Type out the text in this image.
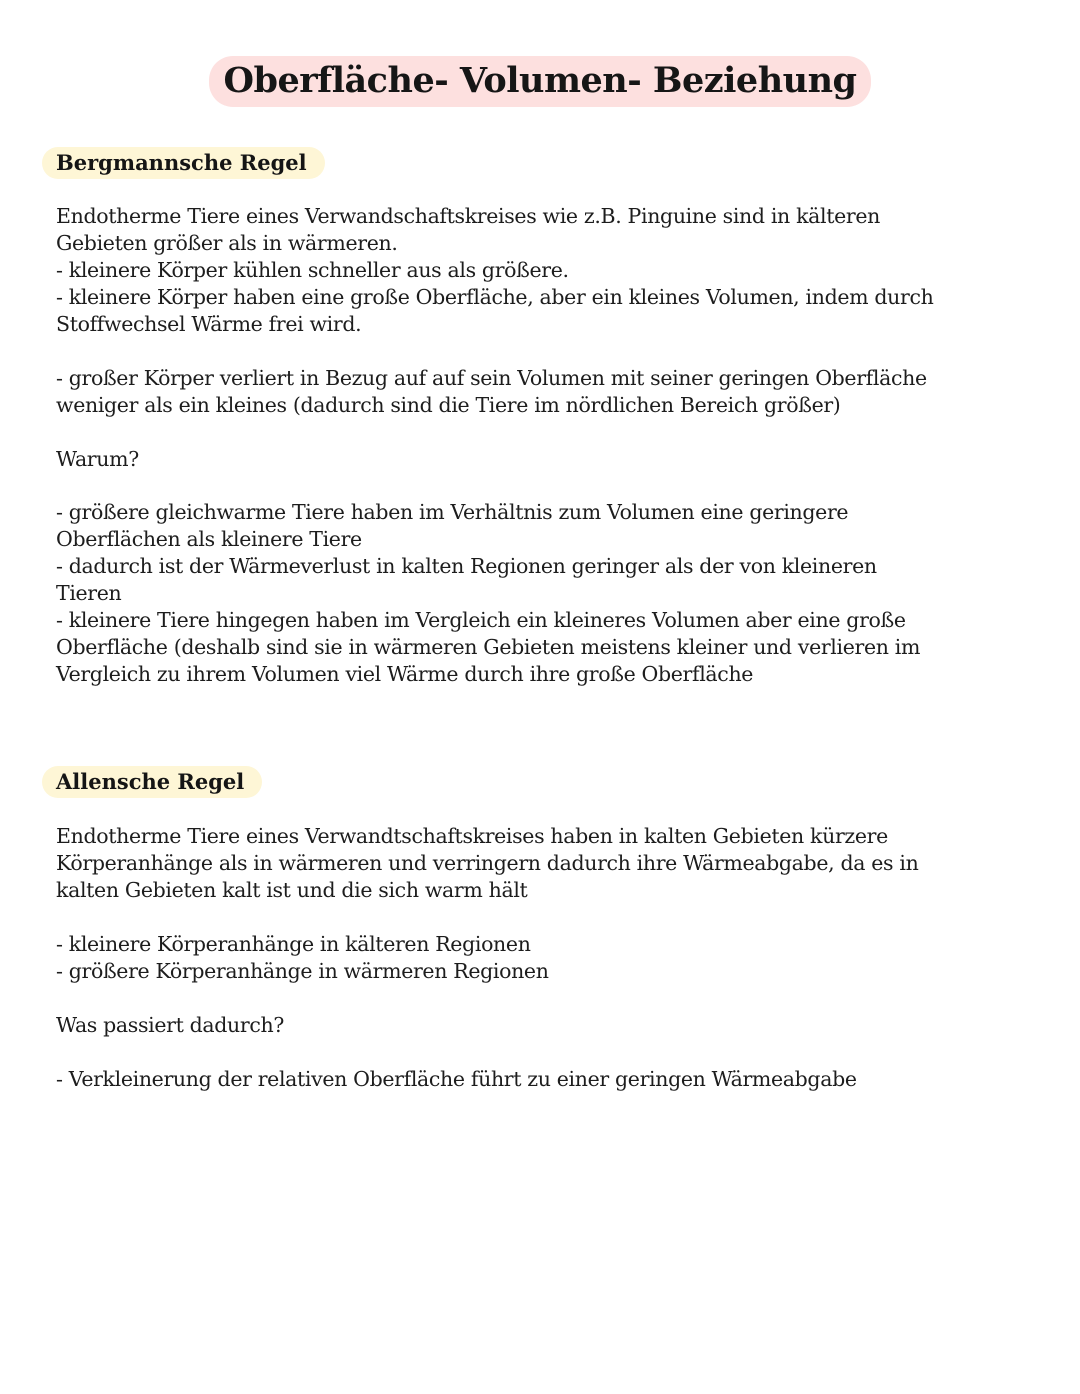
Oberfläche- Volumen- Beziehung
Bergmannsche Regel

Endotherme Tiere eines Verwandschaftskreises wie z.B. Pinguine sind in kälteren
Gebieten größer als in wärmeren.
- kleinere Körper kühlen schneller aus als größere.
- kleinere Körper haben eine große Oberfläche, aber ein kleines Volumen, indem durch
Stoffwechsel Wärme frei wird.

- großer Körper verliert in Bezug auf auf sein Volumen mit seiner geringen Oberfläche
weniger als ein kleines (dadurch sind die Tiere im nördlichen Bereich größer)

Warum?

- größere gleichwarme Tiere haben im Verhältnis zum Volumen eine geringere
Oberflächen als kleinere Tiere
- dadurch ist der Wärmeverlust in kalten Regionen geringer als der von kleineren
Tieren
- kleinere Tiere hingegen haben im Vergleich ein kleineres Volumen aber eine große
Oberfläche (deshalb sind sie in wärmeren Gebieten meistens kleiner und verlieren im
Vergleich zu ihrem Volumen viel Wärme durch ihre große Oberfläche

Allensche Regel

Endotherme Tiere eines Verwandtschaftskreises haben in kalten Gebieten kürzere
Körperanhänge als in wärmeren und verringern dadurch ihre Wärmeabgabe, da es in
kalten Gebieten kalt ist und die sich warm hält

- kleinere Körperanhänge in kälteren Regionen
- größere Körperanhänge in wärmeren Regionen

Was passiert dadurch?

- Verkleinerung der relativen Oberfläche führt zu einer geringen Wärmeabgabe
